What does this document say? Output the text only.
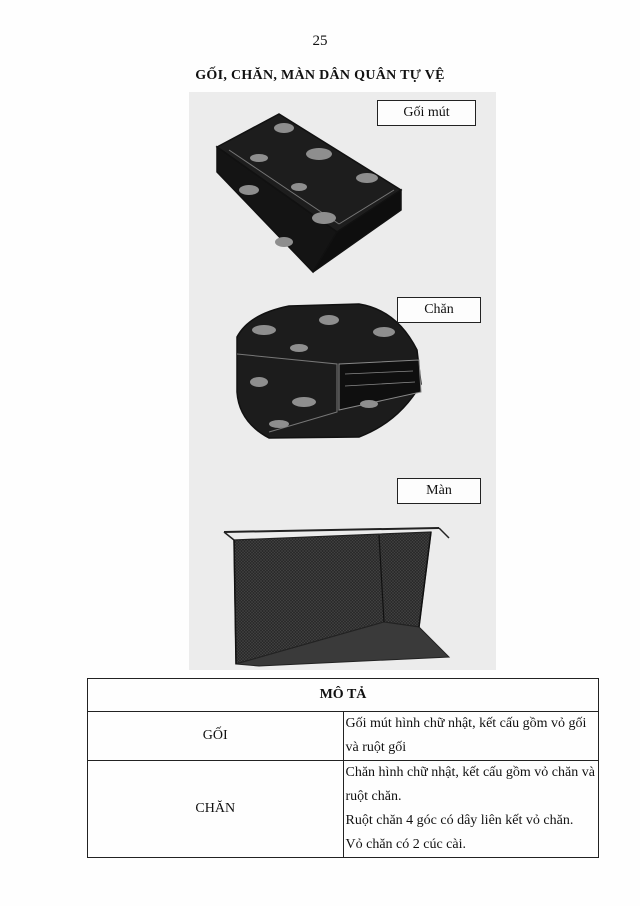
25
GỐI, CHĂN, MÀN DÂN QUÂN TỰ VỆ
Gối mút
Chăn
Màn
MÔ TẢ	
GỐI	Gối mút hình chữ nhật, kết cấu gồm vỏ gối và ruột gối

CHĂN	Chăn hình chữ nhật, kết cấu gồm vỏ chăn và ruột chăn.
Ruột chăn 4 góc có dây liên kết vỏ chăn.
Vỏ chăn có 2 cúc cài.
